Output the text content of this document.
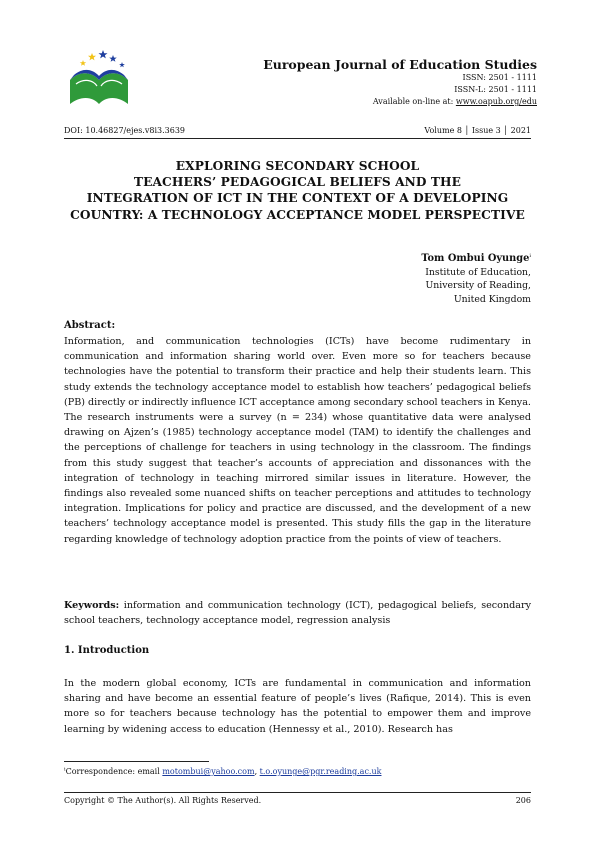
European Journal of Education Studies
ISSN: 2501 - 1111
ISSN-L: 2501 - 1111
Available on-line at: www.oapub.org/edu
DOI: 10.46827/ejes.v8i3.3639	Volume 8 │ Issue 3 │ 2021
EXPLORING SECONDARY SCHOOL
TEACHERS’ PEDAGOGICAL BELIEFS AND THE
INTEGRATION OF ICT IN THE CONTEXT OF A DEVELOPING
COUNTRY: A TECHNOLOGY ACCEPTANCE MODEL PERSPECTIVE
Tom Ombui Oyunge$^i$
Institute of Education,
University of Reading,
United Kingdom
Abstract:
Information, and communication technologies (ICTs) have become rudimentary in communication and information sharing world over. Even more so for teachers because technologies have the potential to transform their practice and help their students learn. This study extends the technology acceptance model to establish how teachers’ pedagogical beliefs (PB) directly or indirectly influence ICT acceptance among secondary school teachers in Kenya. The research instruments were a survey (n = 234) whose quantitative data were analysed drawing on Ajzen’s (1985) technology acceptance model (TAM) to identify the challenges and the perceptions of challenge for teachers in using technology in the classroom. The findings from this study suggest that teacher’s accounts of appreciation and dissonances with the integration of technology in teaching mirrored similar issues in literature. However, the findings also revealed some nuanced shifts on teacher perceptions and attitudes to technology integration. Implications for policy and practice are discussed, and the development of a new teachers’ technology acceptance model is presented. This study fills the gap in the literature regarding knowledge of technology adoption practice from the points of view of teachers.
Keywords: information and communication technology (ICT), pedagogical beliefs, secondary school teachers, technology acceptance model, regression analysis
1. Introduction
In the modern global economy, ICTs are fundamental in communication and information sharing and have become an essential feature of people’s lives (Rafique, 2014). This is even more so for teachers because technology has the potential to empower them and improve learning by widening access to education (Hennessy et al., 2010). Research has
$^i$Correspondence: email motombui@yahoo.com, t.o.oyunge@pgr.reading.ac.uk
Copyright © The Author(s). All Rights Reserved.	206
